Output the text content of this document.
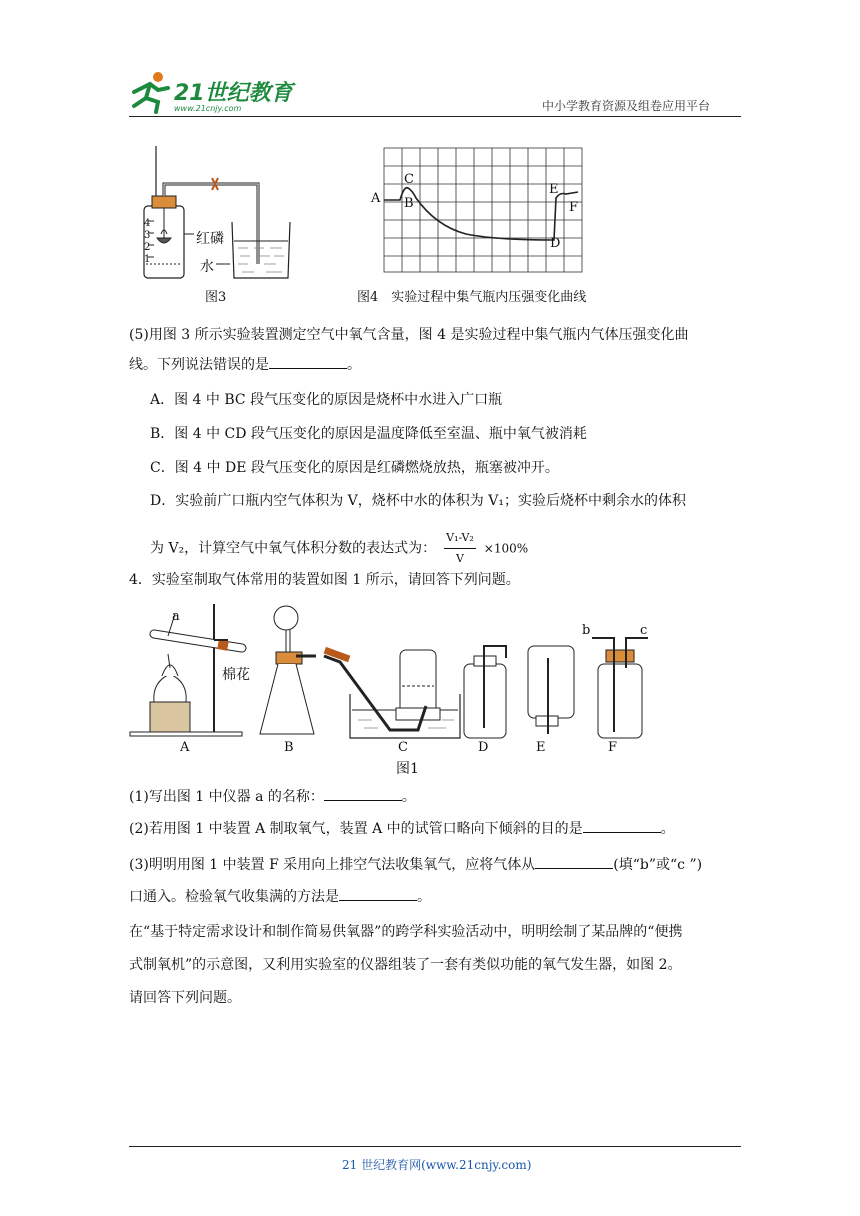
21世纪教育
www.21cnjy.com	中小学教育资源及组卷应用平台
4
3
2
1
红磷
水
图3
A B
C
D
E
F
图4　实验过程中集气瓶内压强变化曲线

(5)用图 3 所示实验装置测定空气中氧气含量，图 4 是实验过程中集气瓶内气体压强变化曲

线。下列说法错误的是	。

A．图 4 中 BC 段气压变化的原因是烧杯中水进入广口瓶

B．图 4 中 CD 段气压变化的原因是温度降低至室温、瓶中氧气被消耗

C．图 4 中 DE 段气压变化的原因是红磷燃烧放热，瓶塞被冲开。

D．实验前广口瓶内空气体积为 V，烧杯中水的体积为 V₁；实验后烧杯中剩余水的体积

为 V₂，计算空气中氧气体积分数的表达式为： $\frac{\text{V₁-V₂}}{V} \times 100\%$

4．实验室制取气体常用的装置如图 1 所示，请回答下列问题。

a
棉花
b	c
A	B	C	D	E	F
图1

(1)写出图 1 中仪器 a 的名称：	。

(2)若用图 1 中装置 A 制取氧气，装置 A 中的试管口略向下倾斜的目的是	。

(3)明明用图 1 中装置 F 采用向上排空气法收集氧气，应将气体从	(填“b”或“c ”)

口通入。检验氧气收集满的方法是	。

在“基于特定需求设计和制作简易供氧器”的跨学科实验活动中，明明绘制了某品牌的“便携

式制氧机”的示意图，又利用实验室的仪器组装了一套有类似功能的氧气发生器，如图 2。

请回答下列问题。

21 世纪教育网(www.21cnjy.com)
